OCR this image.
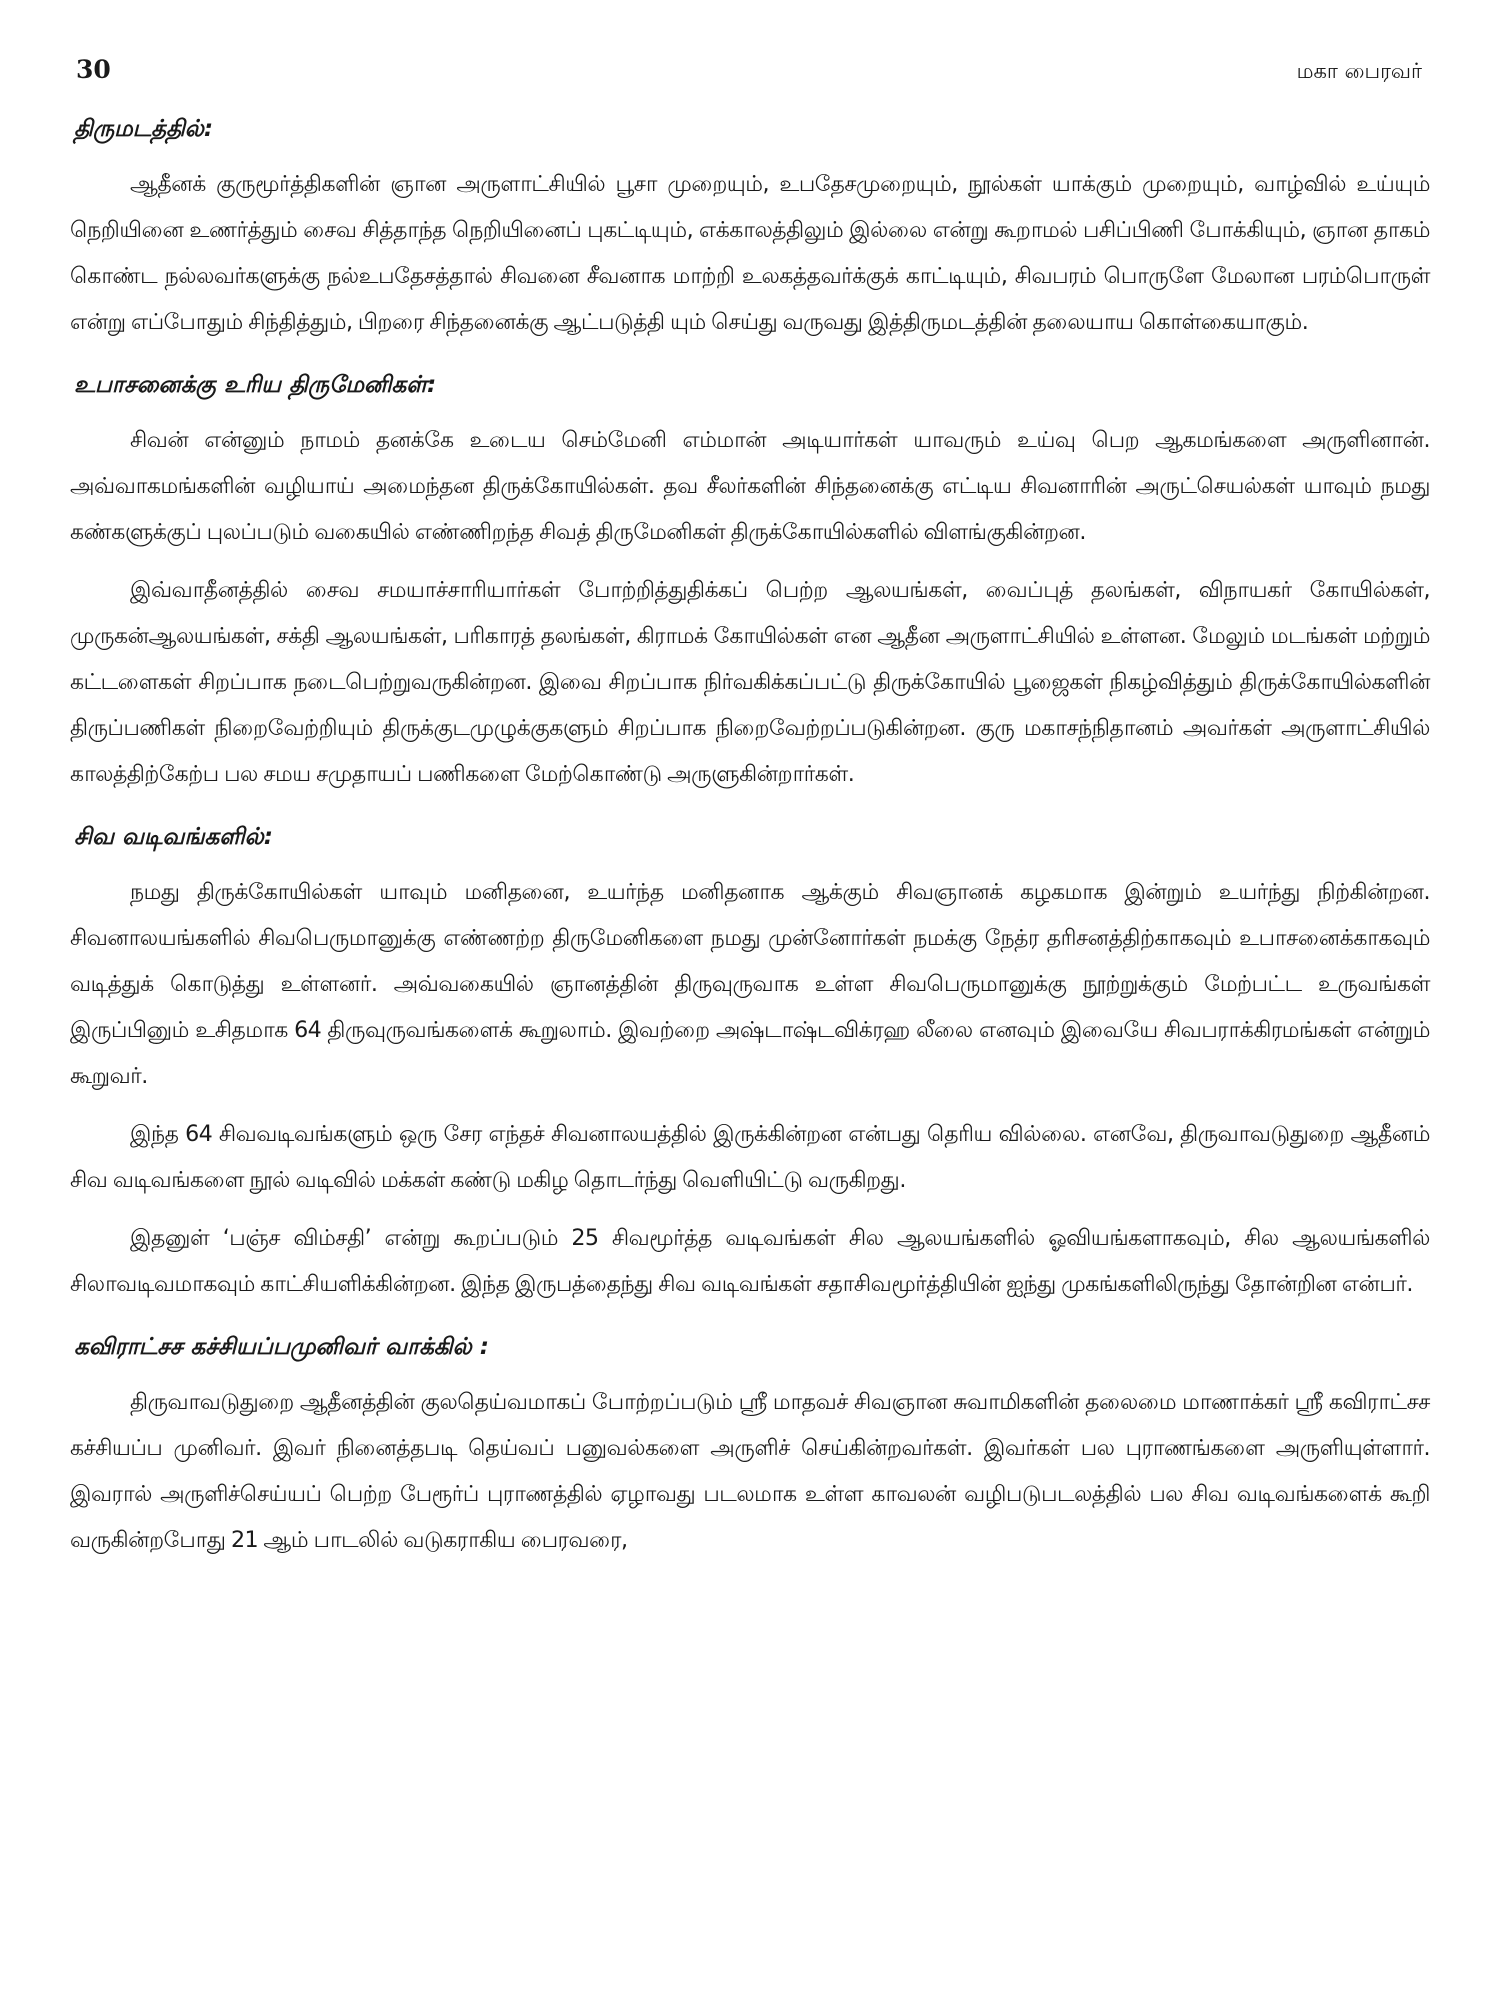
30	மகா பைரவர்
திருமடத்தில்:

ஆதீனக் குருமூர்த்திகளின் ஞான அருளாட்சியில் பூசா முறையும், உபதேசமுறையும், நூல்கள் யாக்கும் முறையும், வாழ்வில் உய்யும் நெறியினை உணர்த்தும் சைவ சித்தாந்த நெறியினைப் புகட்டியும், எக்காலத்திலும் இல்லை என்று கூறாமல் பசிப்பிணி போக்கியும், ஞான தாகம் கொண்ட நல்லவர்களுக்கு நல்உபதேசத்தால் சிவனை சீவனாக மாற்றி உலகத்தவர்க்குக் காட்டியும், சிவபரம் பொருளே மேலான பரம்பொருள் என்று எப்போதும் சிந்தித்தும், பிறரை சிந்தனைக்கு ஆட்படுத்தி யும் செய்து வருவது இத்திருமடத்தின் தலையாய கொள்கையாகும்.

உபாசனைக்கு உரிய திருமேனிகள்:

சிவன் என்னும் நாமம் தனக்கே உடைய செம்மேனி எம்மான் அடியார்கள் யாவரும் உய்வு பெற ஆகமங்களை அருளினான். அவ்வாகமங்களின் வழியாய் அமைந்தன திருக்கோயில்கள். தவ சீலர்களின் சிந்தனைக்கு எட்டிய சிவனாரின் அருட்செயல்கள் யாவும் நமது கண்களுக்குப் புலப்படும் வகையில் எண்ணிறந்த சிவத் திருமேனிகள் திருக்கோயில்களில் விளங்குகின்றன.

இவ்வாதீனத்தில் சைவ சமயாச்சாரியார்கள் போற்றித்துதிக்கப் பெற்ற ஆலயங்கள், வைப்புத் தலங்கள், விநாயகர் கோயில்கள், முருகன்ஆலயங்கள், சக்தி ஆலயங்கள், பரிகாரத் தலங்கள், கிராமக் கோயில்கள் என ஆதீன அருளாட்சியில் உள்ளன. மேலும் மடங்கள் மற்றும் கட்டளைகள் சிறப்பாக நடைபெற்றுவருகின்றன. இவை சிறப்பாக நிர்வகிக்கப்பட்டு திருக்கோயில் பூஜைகள் நிகழ்வித்தும் திருக்கோயில்களின் திருப்பணிகள் நிறைவேற்றியும் திருக்குடமுழுக்குகளும் சிறப்பாக நிறைவேற்றப்படுகின்றன. குரு மகாசந்நிதானம் அவர்கள் அருளாட்சியில் காலத்திற்கேற்ப பல சமய சமுதாயப் பணிகளை மேற்கொண்டு அருளுகின்றார்கள்.

சிவ வடிவங்களில்:

நமது திருக்கோயில்கள் யாவும் மனிதனை, உயர்ந்த மனிதனாக ஆக்கும் சிவஞானக் கழகமாக இன்றும் உயர்ந்து நிற்கின்றன. சிவனாலயங்களில் சிவபெருமானுக்கு எண்ணற்ற திருமேனிகளை நமது முன்னோர்கள் நமக்கு நேத்ர தரிசனத்திற்காகவும் உபாசனைக்காகவும் வடித்துக் கொடுத்து உள்ளனர். அவ்வகையில் ஞானத்தின் திருவுருவாக உள்ள சிவபெருமானுக்கு நூற்றுக்கும் மேற்பட்ட உருவங்கள் இருப்பினும் உசிதமாக 64 திருவுருவங்களைக் கூறுலாம். இவற்றை அஷ்டாஷ்டவிக்ரஹ லீலை எனவும் இவையே சிவபராக்கிரமங்கள் என்றும் கூறுவர்.

இந்த 64 சிவவடிவங்களும் ஒரு சேர எந்தச் சிவனாலயத்தில் இருக்கின்றன என்பது தெரிய வில்லை. எனவே, திருவாவடுதுறை ஆதீனம் சிவ வடிவங்களை நூல் வடிவில் மக்கள் கண்டு மகிழ தொடர்ந்து வெளியிட்டு வருகிறது.

இதனுள் ‘பஞ்ச விம்சதி’ என்று கூறப்படும் 25 சிவமூர்த்த வடிவங்கள் சில ஆலயங்களில் ஓவியங்களாகவும், சில ஆலயங்களில் சிலாவடிவமாகவும் காட்சியளிக்கின்றன. இந்த இருபத்தைந்து சிவ வடிவங்கள் சதாசிவமூர்த்தியின் ஐந்து முகங்களிலிருந்து தோன்றின என்பர்.

கவிராட்சச கச்சியப்பமுனிவர் வாக்கில் :

திருவாவடுதுறை ஆதீனத்தின் குலதெய்வமாகப் போற்றப்படும் ஸ்ரீ மாதவச் சிவஞான சுவாமிகளின் தலைமை மாணாக்கர் ஸ்ரீ கவிராட்சச கச்சியப்ப முனிவர். இவர் நினைத்தபடி தெய்வப் பனுவல்களை அருளிச் செய்கின்றவர்கள். இவர்கள் பல புராணங்களை அருளியுள்ளார். இவரால் அருளிச்செய்யப் பெற்ற பேரூர்ப் புராணத்தில் ஏழாவது படலமாக உள்ள காவலன் வழிபடுபடலத்தில் பல சிவ வடிவங்களைக் கூறி வருகின்றபோது 21 ஆம் பாடலில் வடுகராகிய பைரவரை,
